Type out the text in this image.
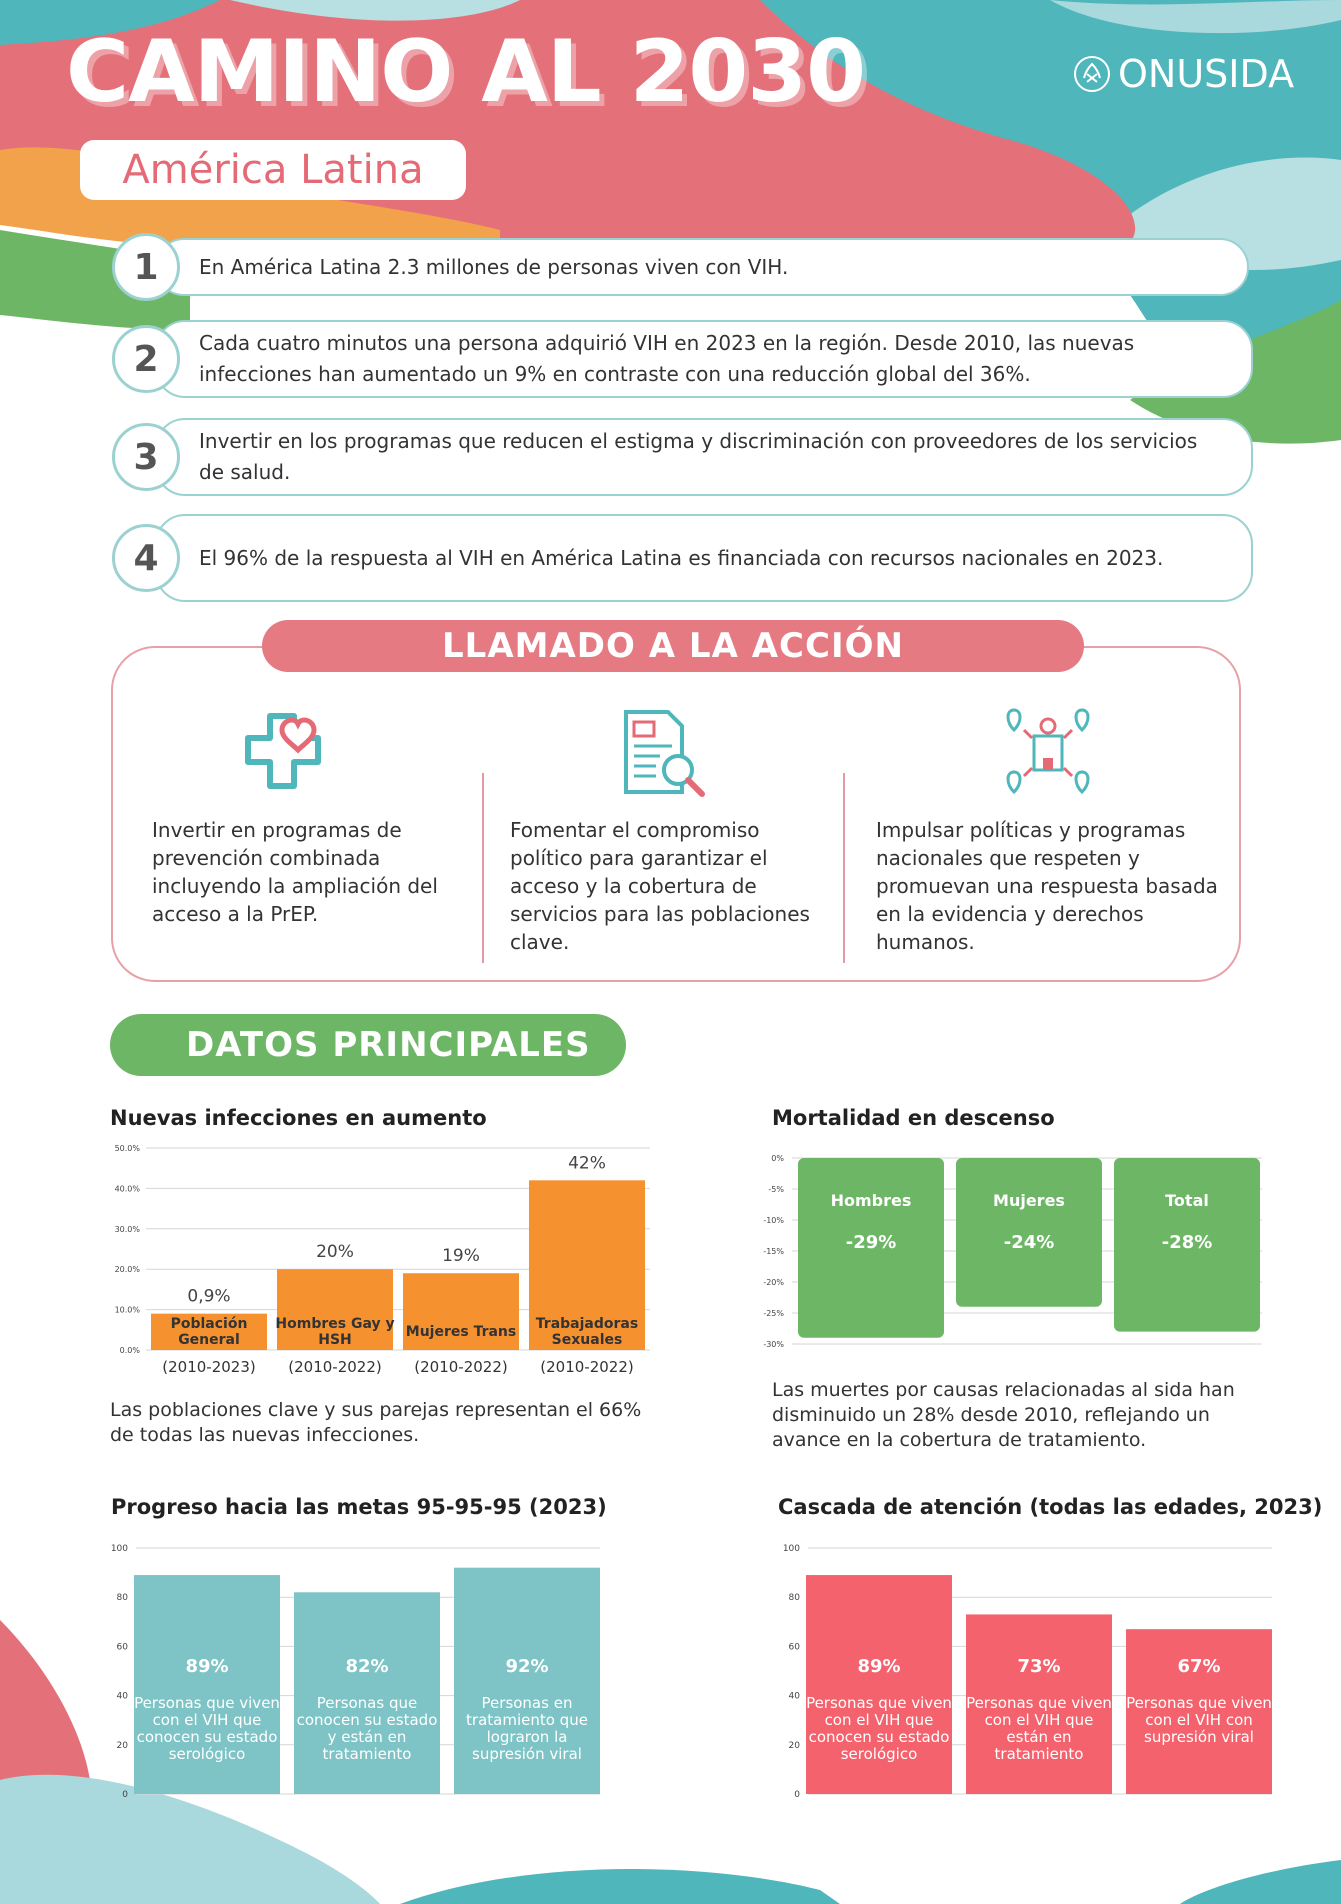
CAMINO AL 2030
América Latina
ONUSIDA
En América Latina 2.3 millones de personas viven con VIH.
1
Cada cuatro minutos una persona adquirió VIH en 2023 en la región. Desde 2010, las nuevas infecciones han aumentado un 9% en contraste con una reducción global del 36%.
2
Invertir en los programas que reducen el estigma y discriminación con proveedores de los servicios de salud.
3
El 96% de la respuesta al VIH en América Latina es financiada con recursos nacionales en 2023.
4
LLAMADO A LA ACCIÓN
Invertir en programas de prevención combinada incluyendo la ampliación del acceso a la PrEP.
Fomentar el compromiso político para garantizar el acceso y la cobertura de servicios para las poblaciones clave.
Impulsar políticas y programas nacionales que respeten y promuevan una respuesta basada en la evidencia y derechos humanos.
DATOS PRINCIPALES
Nuevas infecciones en aumento
0.0%
10.0%
20.0%
30.0%
40.0%
50.0%
0,9%
Población
General
(2010-2023)
20%
Hombres Gay y
HSH
(2010-2022)
19%
Mujeres Trans
(2010-2022)
42%
Trabajadoras
Sexuales
(2010-2022)
Las poblaciones clave y sus parejas representan el 66% de todas las nuevas infecciones.
Mortalidad en descenso
0%
-5%
-10%
-15%
-20%
-25%
-30%
Hombres
-29%
Mujeres
-24%
Total
-28%
Las muertes por causas relacionadas al sida han disminuido un 28% desde 2010, reflejando un avance en la cobertura de tratamiento.
Progreso hacia las metas 95-95-95 (2023)
0
20
40
60
80
100
89%
Personas que viven
con el VIH que
conocen su estado
serológico
82%
Personas que
conocen su estado
y están en
tratamiento
92%
Personas en
tratamiento que
lograron la
supresión viral
Cascada de atención (todas las edades, 2023)
0
20
40
60
80
100
89%
Personas que viven
con el VIH que
conocen su estado
serológico
73%
Personas que viven
con el VIH que
están en
tratamiento
67%
Personas que viven
con el VIH con
supresión viral
